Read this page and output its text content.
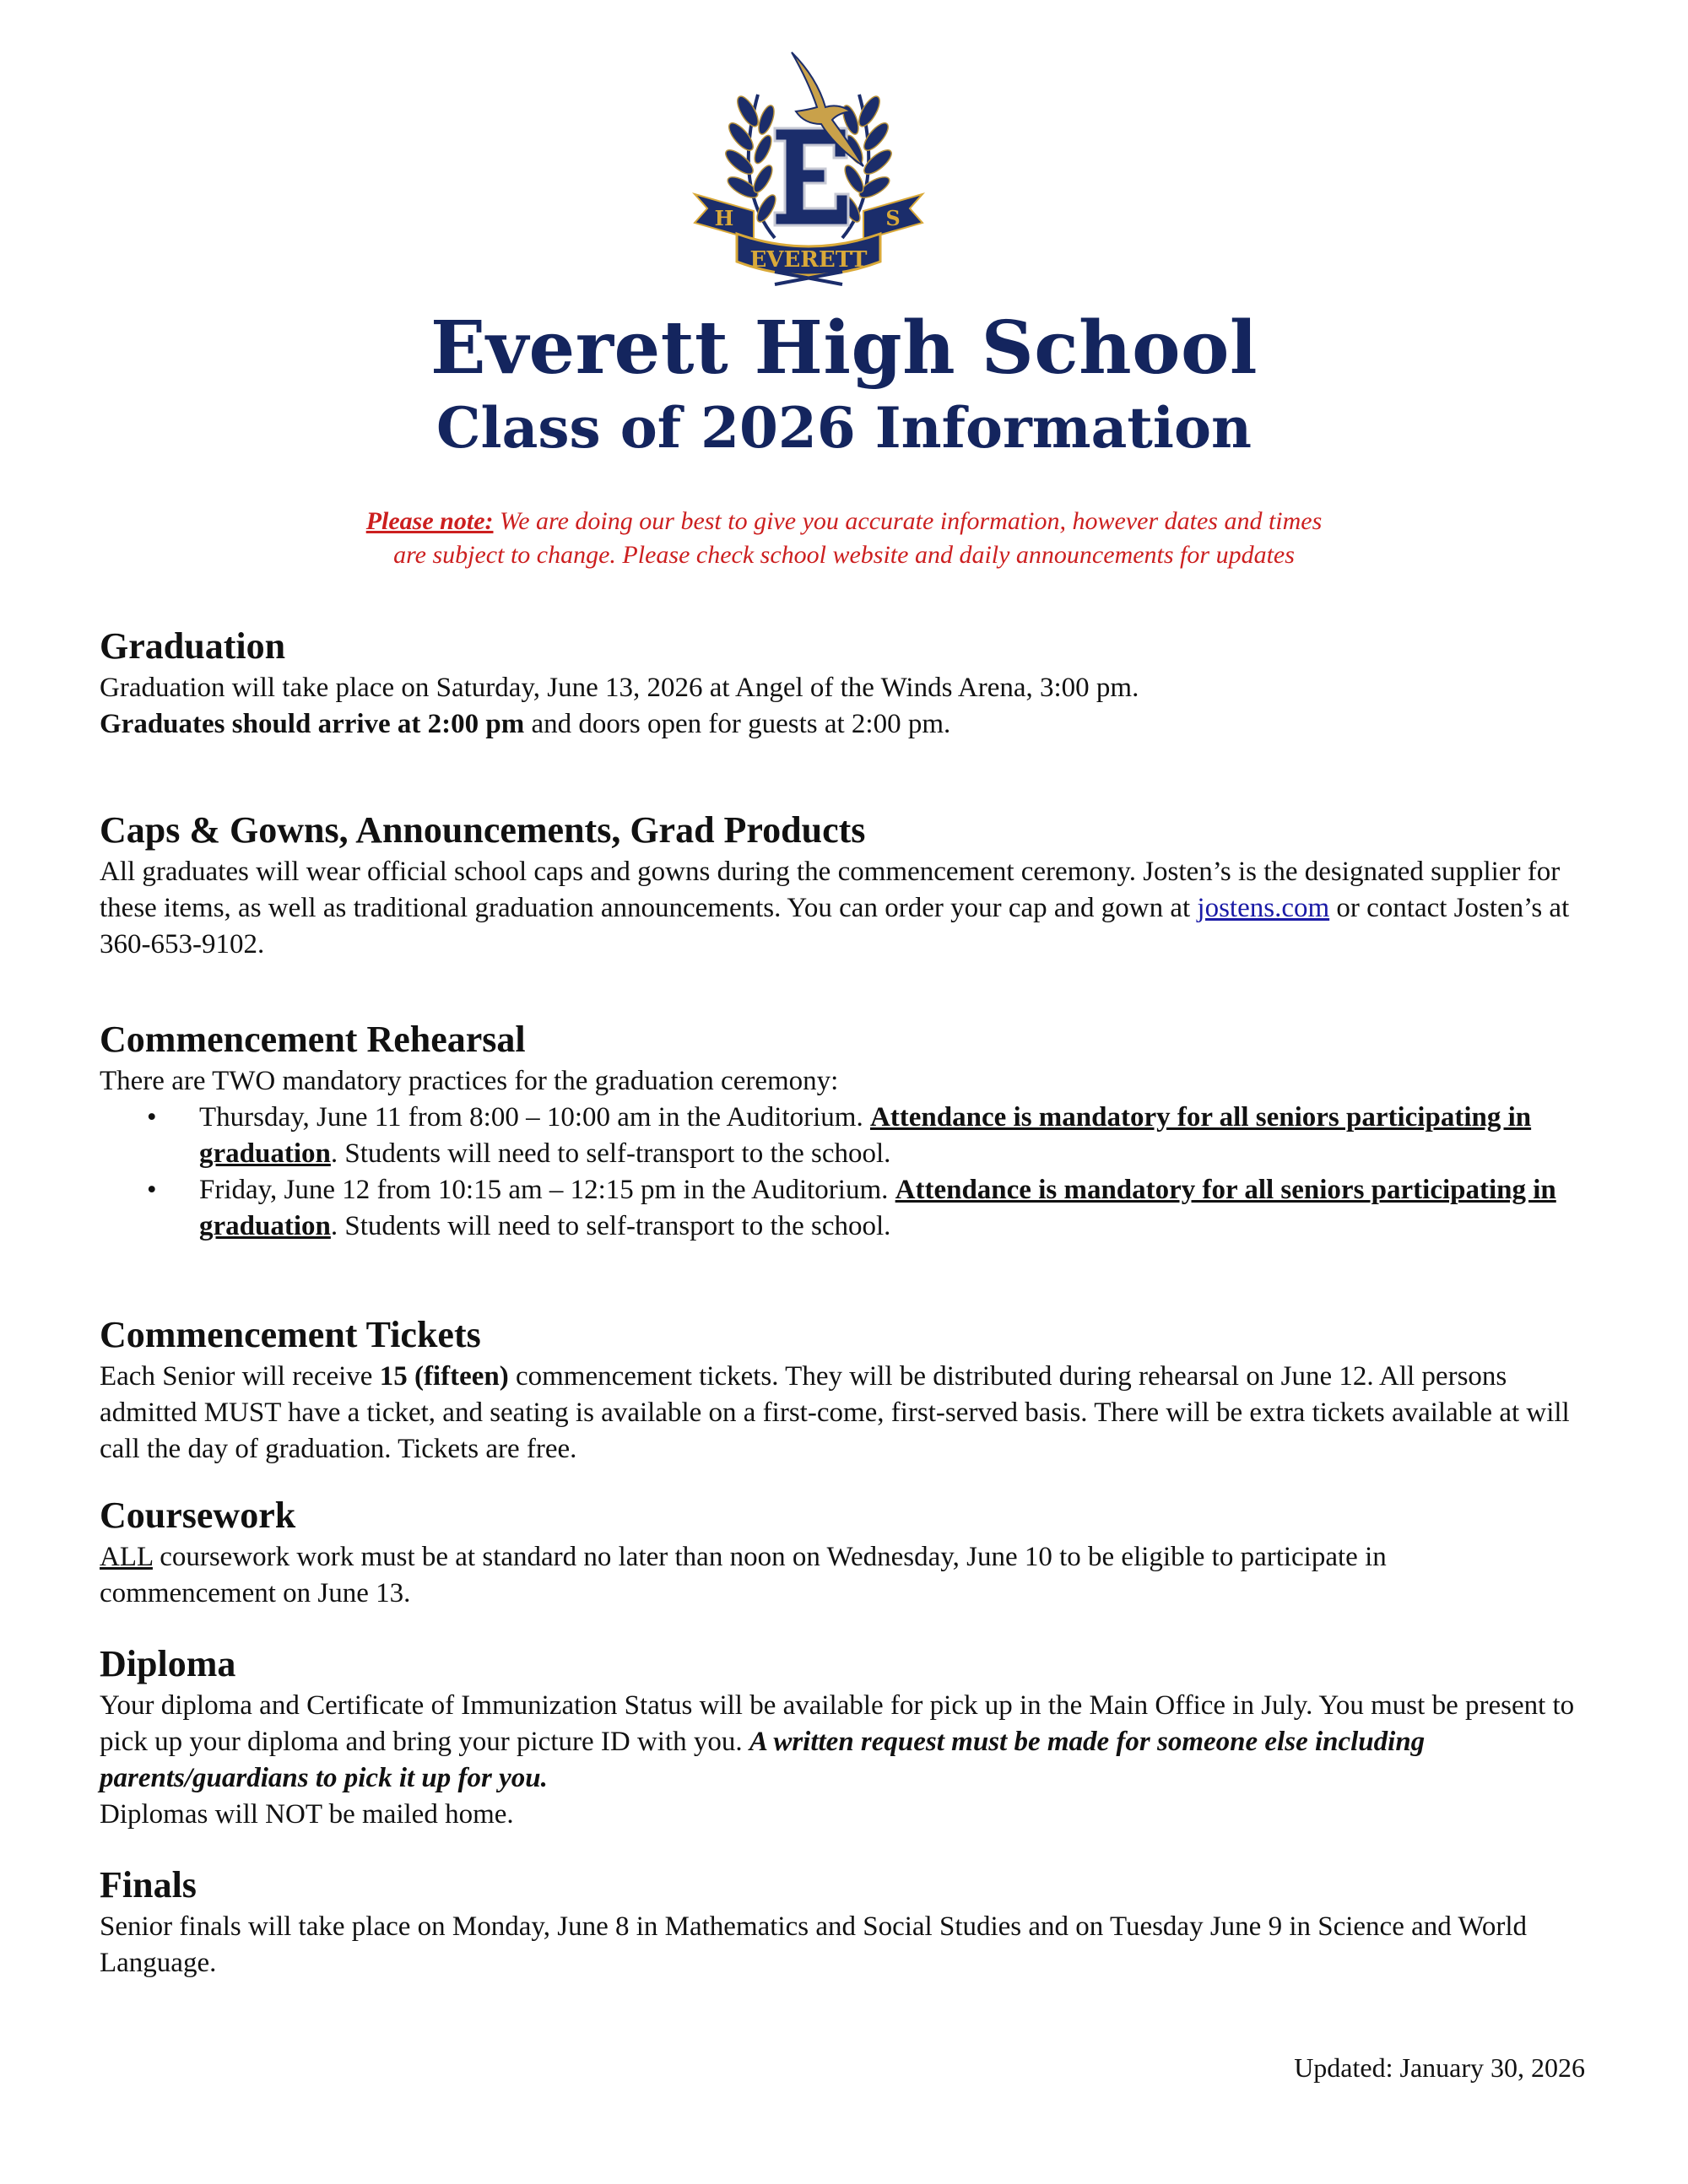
H	S
EVERETT
Everett High School
Class of 2026 Information
Please note: We are doing our best to give you accurate information, however dates and times
are subject to change. Please check school website and daily announcements for updates
Graduation

Graduation will take place on Saturday, June 13, 2026 at Angel of the Winds Arena, 3:00 pm.

Graduates should arrive at 2:00 pm and doors open for guests at 2:00 pm.

Caps & Gowns, Announcements, Grad Products

All graduates will wear official school caps and gowns during the commencement ceremony. Josten’s is the designated supplier for these items, as well as traditional graduation announcements. You can order your cap and gown at jostens.com or contact Josten’s at 360-653-9102.

Commencement Rehearsal

There are TWO mandatory practices for the graduation ceremony:

• Thursday, June 11 from 8:00 – 10:00 am in the Auditorium. Attendance is mandatory for all seniors participating in graduation. Students will need to self-transport to the school.
• Friday, June 12 from 10:15 am – 12:15 pm in the Auditorium. Attendance is mandatory for all seniors participating in graduation. Students will need to self-transport to the school.
Commencement Tickets

Each Senior will receive 15 (fifteen) commencement tickets. They will be distributed during rehearsal on June 12. All persons admitted MUST have a ticket, and seating is available on a first-come, first-served basis. There will be extra tickets available at will call the day of graduation. Tickets are free.

Coursework

ALL coursework work must be at standard no later than noon on Wednesday, June 10 to be eligible to participate in commencement on June 13.

Diploma

Your diploma and Certificate of Immunization Status will be available for pick up in the Main Office in July. You must be present to pick up your diploma and bring your picture ID with you. A written request must be made for someone else including parents/guardians to pick it up for you.

Diplomas will NOT be mailed home.

Finals

Senior finals will take place on Monday, June 8 in Mathematics and Social Studies and on Tuesday June 9 in Science and World Language.

Updated: January 30, 2026
